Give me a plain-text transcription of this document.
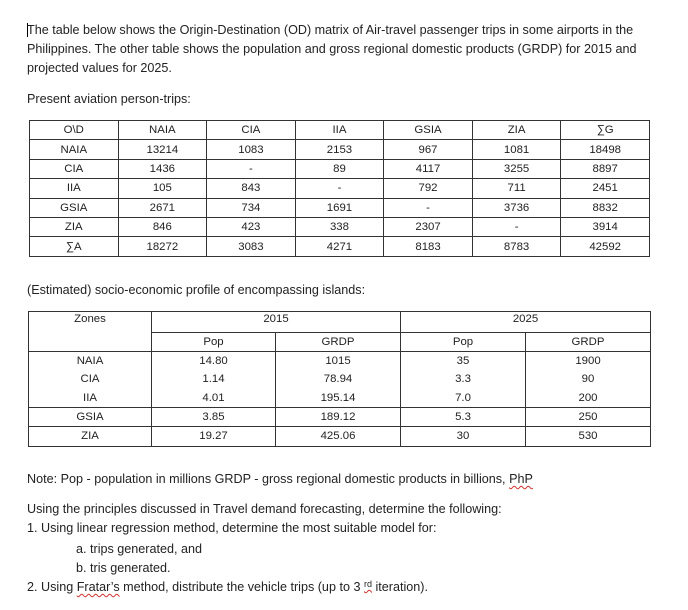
The table below shows the Origin-Destination (OD) matrix of Air-travel passenger trips in some airports in the Philippines. The other table shows the population and gross regional domestic products (GRDP) for 2015 and projected values for 2025.

Present aviation person-trips:

O\D	NAIA	CIA	IIA	GSIA	ZIA	∑G
NAIA	13214	1083	2153	967	1081	18498
CIA	1436	-	89	4117	3255	8897
IIA	105	843	-	792	711	2451
GSIA	2671	734	1691	-	3736	8832
ZIA	846	423	338	2307	-	3914
∑A	18272	3083	4271	8183	8783	42592

(Estimated) socio-economic profile of encompassing islands:

Zones	2015		2025	
	Pop	GRDP	Pop	GRDP
NAIA	14.80	1015	35	1900
CIA	1.14	78.94	3.3	90
IIA	4.01	195.14	7.0	200
GSIA	3.85	189.12	5.3	250
ZIA	19.27	425.06	30	530

Note: Pop - population in millions GRDP - gross regional domestic products in billions, PhP

Using the principles discussed in Travel demand forecasting, determine the following:

1. Using linear regression method, determine the most suitable model for:

a. trips generated, and

b. tris generated.

2. Using Fratar’s method, distribute the vehicle trips (up to 3 $^{rd}$ iteration).
